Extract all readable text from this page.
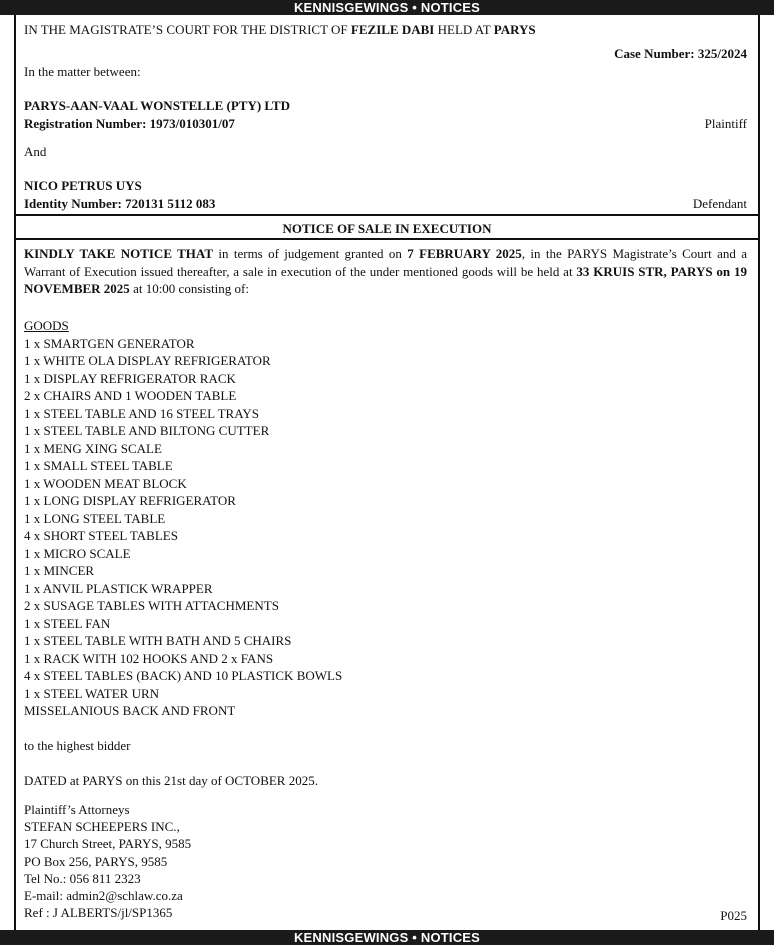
KENNISGEWINGS • NOTICES
IN THE MAGISTRATE’S COURT FOR THE DISTRICT OF FEZILE DABI HELD AT PARYS
Case Number: 325/2024
In the matter between:
PARYS-AAN-VAAL WONSTELLE (PTY) LTD
Registration Number: 1973/010301/07	Plaintiff
And
NICO PETRUS UYS
Identity Number: 720131 5112 083	Defendant
NOTICE OF SALE IN EXECUTION
KINDLY TAKE NOTICE THAT in terms of judgement granted on 7 FEBRUARY 2025, in the PARYS Magistrate’s Court and a Warrant of Execution issued thereafter, a sale in execution of the under mentioned goods will be held at 33 KRUIS STR, PARYS on 19 NOVEMBER 2025 at 10:00 consisting of:
GOODS
1 x SMARTGEN GENERATOR
1 x WHITE OLA DISPLAY REFRIGERATOR
1 x DISPLAY REFRIGERATOR RACK
2 x CHAIRS AND 1 WOODEN TABLE
1 x STEEL TABLE AND 16 STEEL TRAYS
1 x STEEL TABLE AND BILTONG CUTTER
1 x MENG XING SCALE
1 x SMALL STEEL TABLE
1 x WOODEN MEAT BLOCK
1 x LONG DISPLAY REFRIGERATOR
1 x LONG STEEL TABLE
4 x SHORT STEEL TABLES
1 x MICRO SCALE
1 x MINCER
1 x ANVIL PLASTICK WRAPPER
2 x SUSAGE TABLES WITH ATTACHMENTS
1 x STEEL FAN
1 x STEEL TABLE WITH BATH AND 5 CHAIRS
1 x RACK WITH 102 HOOKS AND 2 x FANS
4 x STEEL TABLES (BACK) AND 10 PLASTICK BOWLS
1 x STEEL WATER URN
MISSELANIOUS BACK AND FRONT
to the highest bidder
DATED at PARYS on this 21st day of OCTOBER 2025.
Plaintiff’s Attorneys
STEFAN SCHEEPERS INC.,
17 Church Street, PARYS, 9585
PO Box 256, PARYS, 9585
Tel No.: 056 811 2323
E-mail: admin2@schlaw.co.za
Ref : J ALBERTS/jl/SP1365	P025
KENNISGEWINGS • NOTICES
